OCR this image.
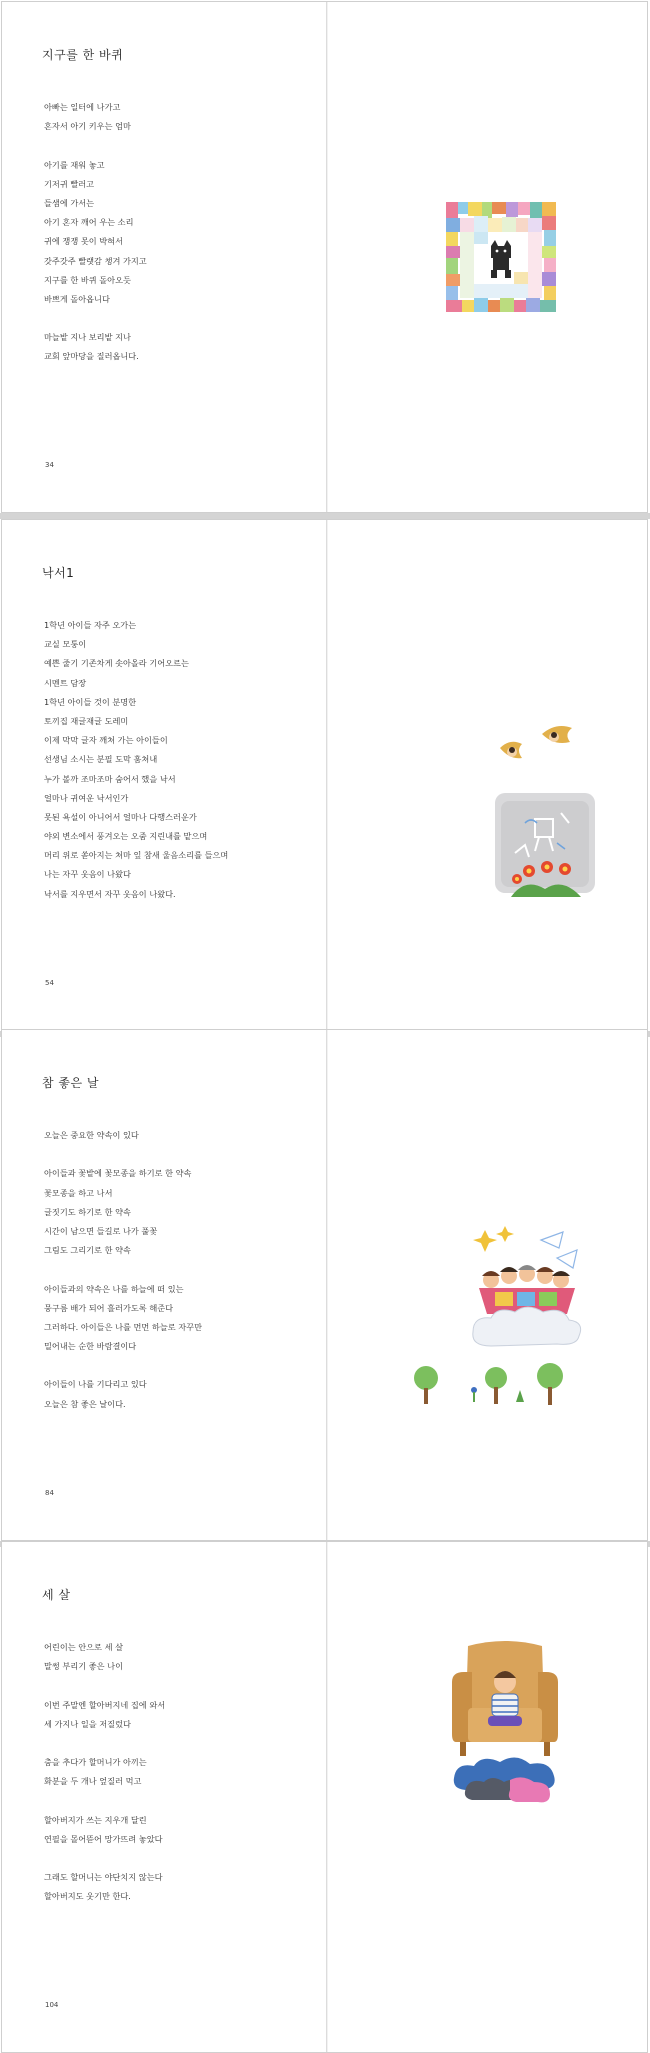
지구를 한 바퀴
아빠는 일터에 나가고
혼자서 아기 키우는 엄마
아기를 재워 놓고
기저귀 빨러고
들샘에 가서는
아기 혼자 깨어 우는 소리
귀에 쟁쟁 못이 박혀서
갓주갓주 빨랫감 챙겨 가지고
지구를 한 바퀴 돌아오듯
바쁘게 돌아옵니다
마늘밭 지나 보리밭 지나
교회 앞마당을 질러옵니다.
34
낙서1
1학년 아이들 자주 오가는
교실 모퉁이
예쁜 줄기 기존차게 솟아올라 기어오르는
시멘트 담장
1학년 아이들 것이 분명한
토끼집 재글재글 도레미
이제 막막 글자 깨쳐 가는 아이들이
선생님 소시는 분필 도막 훔쳐내
누가 볼까 조마조마 숨어서 했을 낙서
얼마나 귀여운 낙서인가
못된 욕설이 아니어서 얼마나 다행스러운가
야외 변소에서 풍겨오는 오줌 지린내를 맡으며
머리 위로 쏟아지는 쳐마 잎 참새 울음소리를 들으며
나는 자꾸 웃음이 나왔다
낙서를 지우면서 자꾸 웃음이 나왔다.
54
참 좋은 날
오늘은 중요한 약속이 있다
아이들과 꽃밭에 꽃모종을 하기로 한 약속
꽃모종을 하고 나서
글짓기도 하기로 한 약속
시간이 남으면 들길로 나가 풀꽃
그림도 그리기로 한 약속
아이들과의 약속은 나를 하늘에 떠 있는
뭉구름 배가 되어 흘러가도록 해준다
그러하다. 아이들은 나를 먼먼 하늘로 자꾸만
밀어내는 순한 바람결이다
아이들이 나를 기다리고 있다
오늘은 참 좋은 날이다.
84
세 살
어린이는 안으로 세 살
말썽 부리기 좋은 나이
이번 주말엔 할아버지네 집에 와서
세 가지나 일을 저질렀다
춤을 추다가 할머니가 아끼는
화분을 두 개나 엎질러 먹고
할아버지가 쓰는 지우개 달린
연필을 몰어뜯어 망가뜨려 놓았다
그래도 할머니는 야단치지 않는다
할아버지도 웃기만 한다.
104
